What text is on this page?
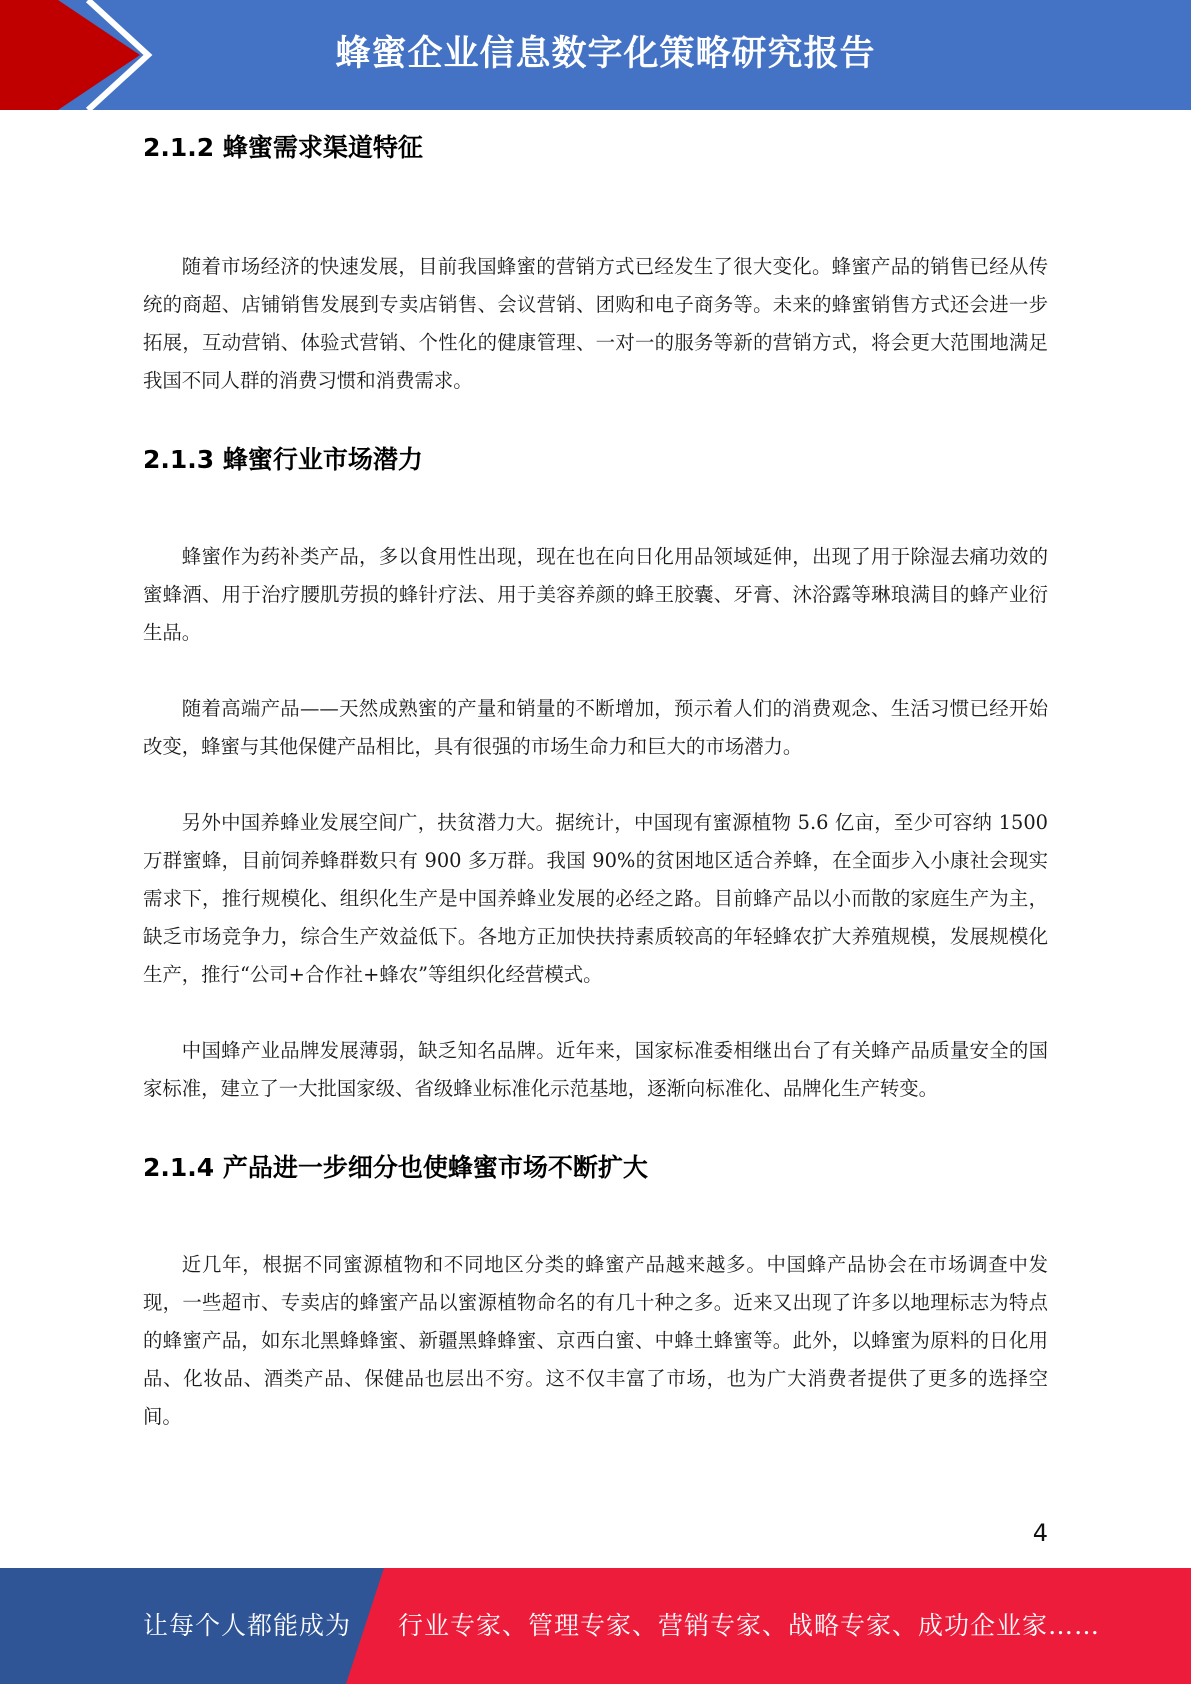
蜂蜜企业信息数字化策略研究报告
2.1.2 蜂蜜需求渠道特征

随着市场经济的快速发展，目前我国蜂蜜的营销方式已经发生了很大变化。蜂蜜产品的销售已经从传统的商超、店铺销售发展到专卖店销售、会议营销、团购和电子商务等。未来的蜂蜜销售方式还会进一步拓展，互动营销、体验式营销、个性化的健康管理、一对一的服务等新的营销方式，将会更大范围地满足我国不同人群的消费习惯和消费需求。

2.1.3 蜂蜜行业市场潜力

蜂蜜作为药补类产品，多以食用性出现，现在也在向日化用品领域延伸，出现了用于除湿去痛功效的蜜蜂酒、用于治疗腰肌劳损的蜂针疗法、用于美容养颜的蜂王胶囊、牙膏、沐浴露等琳琅满目的蜂产业衍生品。

随着高端产品——天然成熟蜜的产量和销量的不断增加，预示着人们的消费观念、生活习惯已经开始改变，蜂蜜与其他保健产品相比，具有很强的市场生命力和巨大的市场潜力。

另外中国养蜂业发展空间广，扶贫潜力大。据统计，中国现有蜜源植物 5.6 亿亩，至少可容纳 1500 万群蜜蜂，目前饲养蜂群数只有 900 多万群。我国 90%的贫困地区适合养蜂，在全面步入小康社会现实需求下，推行规模化、组织化生产是中国养蜂业发展的必经之路。目前蜂产品以小而散的家庭生产为主，缺乏市场竞争力，综合生产效益低下。各地方正加快扶持素质较高的年轻蜂农扩大养殖规模，发展规模化生产，推行“公司+合作社+蜂农”等组织化经营模式。

中国蜂产业品牌发展薄弱，缺乏知名品牌。近年来，国家标准委相继出台了有关蜂产品质量安全的国家标准，建立了一大批国家级、省级蜂业标准化示范基地，逐渐向标准化、品牌化生产转变。

2.1.4 产品进一步细分也使蜂蜜市场不断扩大

近几年，根据不同蜜源植物和不同地区分类的蜂蜜产品越来越多。中国蜂产品协会在市场调查中发现，一些超市、专卖店的蜂蜜产品以蜜源植物命名的有几十种之多。近来又出现了许多以地理标志为特点的蜂蜜产品，如东北黑蜂蜂蜜、新疆黑蜂蜂蜜、京西白蜜、中蜂土蜂蜜等。此外，以蜂蜜为原料的日化用品、化妆品、酒类产品、保健品也层出不穷。这不仅丰富了市场，也为广大消费者提供了更多的选择空间。

4
让每个人都能成为 行业专家、管理专家、营销专家、战略专家、成功企业家……
